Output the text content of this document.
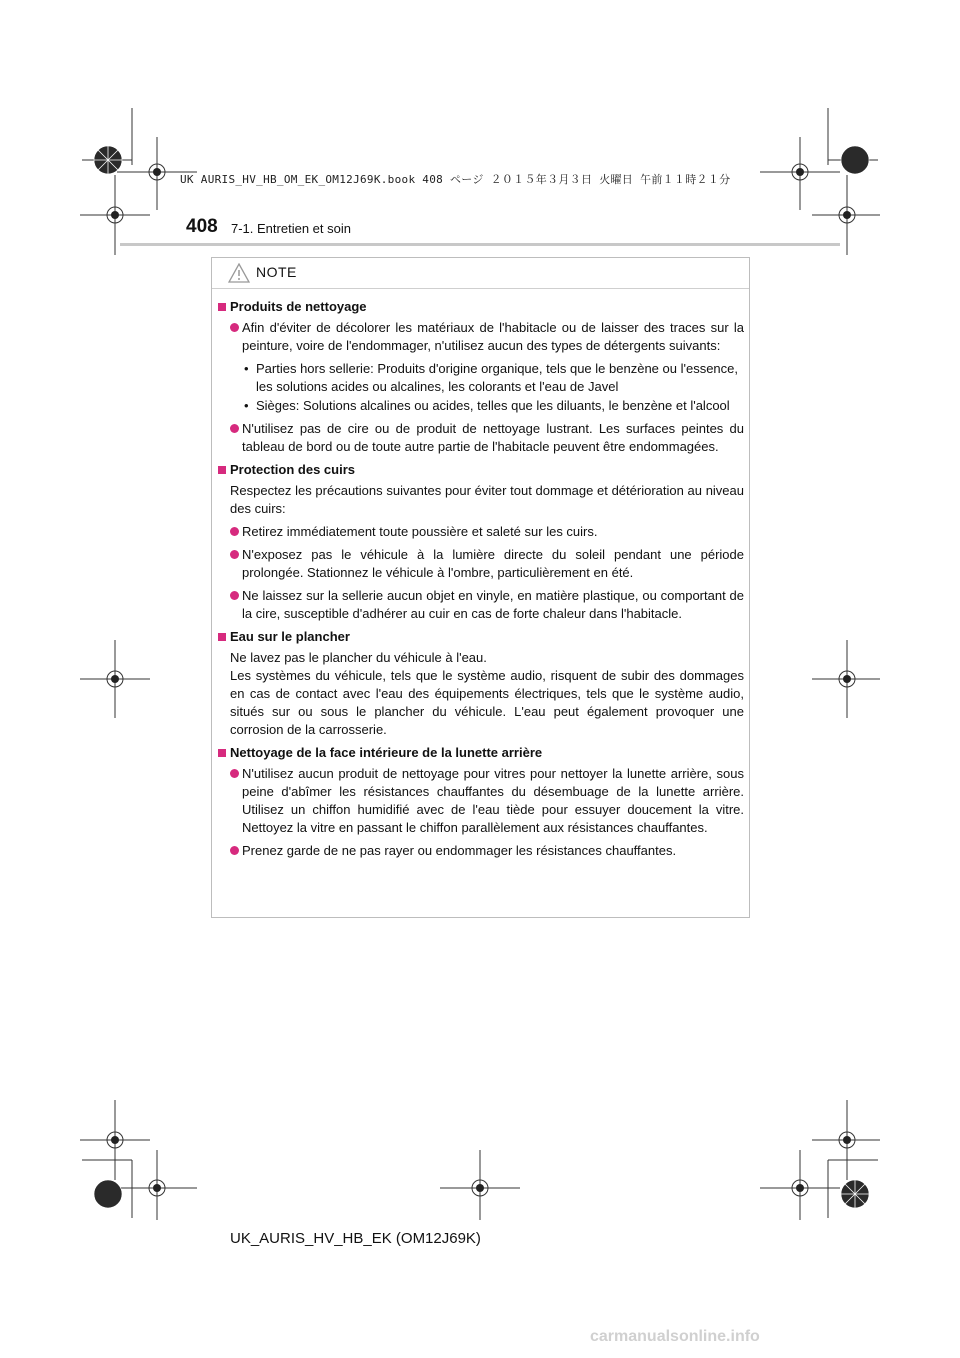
UK AURIS_HV_HB_OM_EK_OM12J69K.book 408 ページ ２０１５年３月３日 火曜日 午前１１時２１分
408 7-1. Entretien et soin
NOTE
Produits de nettoyage
Afin d'éviter de décolorer les matériaux de l'habitacle ou de laisser des traces sur la peinture, voire de l'endommager, n'utilisez aucun des types de détergents suivants:
• Parties hors sellerie: Produits d'origine organique, tels que le benzène ou l'essence, les solutions acides ou alcalines, les colorants et l'eau de Javel
• Sièges: Solutions alcalines ou acides, telles que les diluants, le benzène et l'alcool
N'utilisez pas de cire ou de produit de nettoyage lustrant. Les surfaces peintes du tableau de bord ou de toute autre partie de l'habitacle peuvent être endommagées.
Protection des cuirs
Respectez les précautions suivantes pour éviter tout dommage et détérioration au niveau des cuirs:
Retirez immédiatement toute poussière et saleté sur les cuirs.
N'exposez pas le véhicule à la lumière directe du soleil pendant une période prolongée. Stationnez le véhicule à l'ombre, particulièrement en été.
Ne laissez sur la sellerie aucun objet en vinyle, en matière plastique, ou comportant de la cire, susceptible d'adhérer au cuir en cas de forte chaleur dans l'habitacle.
Eau sur le plancher
Ne lavez pas le plancher du véhicule à l'eau.
Les systèmes du véhicule, tels que le système audio, risquent de subir des dommages en cas de contact avec l'eau des équipements électriques, tels que le système audio, situés sur ou sous le plancher du véhicule. L'eau peut également provoquer une corrosion de la carrosserie.
Nettoyage de la face intérieure de la lunette arrière
N'utilisez aucun produit de nettoyage pour vitres pour nettoyer la lunette arrière, sous peine d'abîmer les résistances chauffantes du désembuage de la lunette arrière. Utilisez un chiffon humidifié avec de l'eau tiède pour essuyer doucement la vitre. Nettoyez la vitre en passant le chiffon parallèlement aux résistances chauffantes.
Prenez garde de ne pas rayer ou endommager les résistances chauffantes.
UK_AURIS_HV_HB_EK (OM12J69K)
carmanualsonline.info
